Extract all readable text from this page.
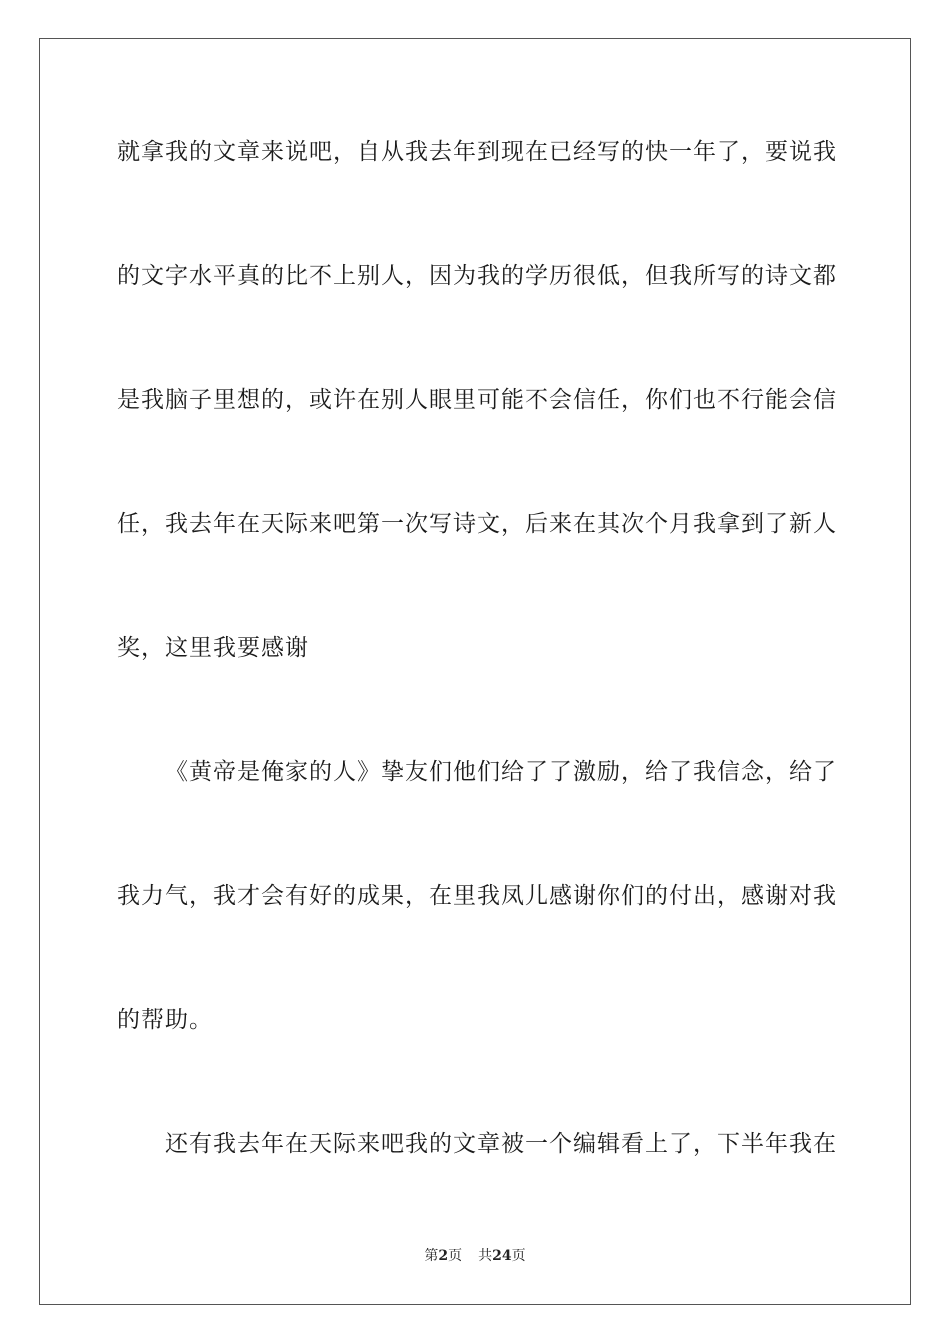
就拿我的文章来说吧，自从我去年到现在已经写的快一年了，要说我

的文字水平真的比不上别人，因为我的学历很低，但我所写的诗文都

是我脑子里想的，或许在别人眼里可能不会信任，你们也不行能会信

任，我去年在天际来吧第一次写诗文，后来在其次个月我拿到了新人

奖，这里我要感谢

《黄帝是俺家的人》挚友们他们给了了激励，给了我信念，给了

我力气，我才会有好的成果，在里我凤儿感谢你们的付出，感谢对我

的帮助。

还有我去年在天际来吧我的文章被一个编辑看上了，下半年我在

第2页 共24页
